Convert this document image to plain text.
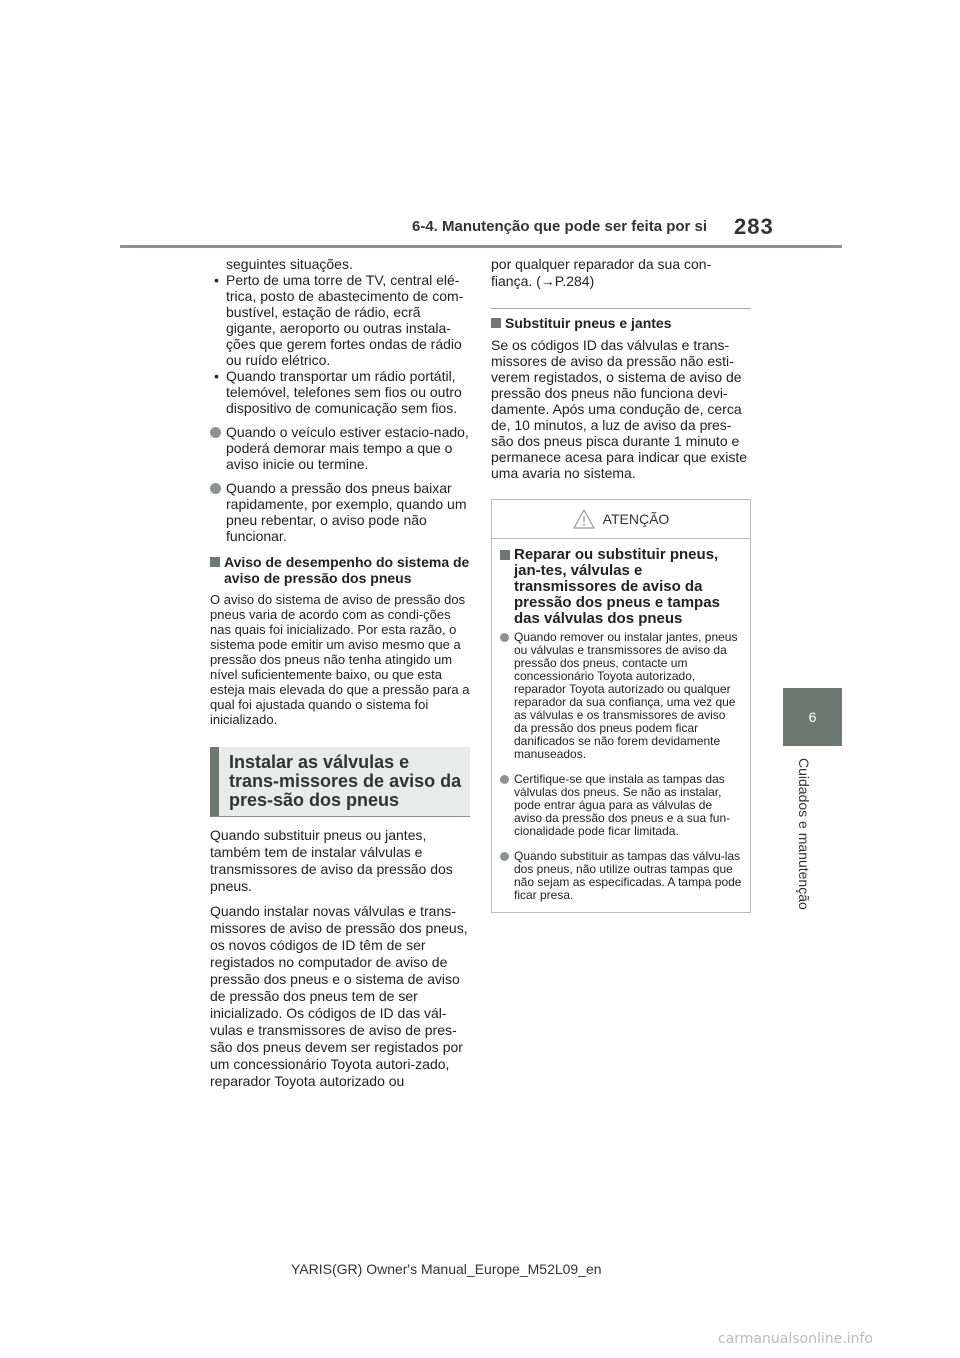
6-4. Manutenção que pode ser feita por si 283
6
Cuidados e manutenção
seguintes situações.
• Perto de uma torre de TV, central elé-trica, posto de abastecimento de com-bustível, estação de rádio, ecrã gigante, aeroporto ou outras instala-ções que gerem fortes ondas de rádio ou ruído elétrico.
• Quando transportar um rádio portátil, telemóvel, telefones sem fios ou outro dispositivo de comunicação sem fios.
Quando o veículo estiver estacio-nado, poderá demorar mais tempo a que o aviso inicie ou termine.
Quando a pressão dos pneus baixar rapidamente, por exemplo, quando um pneu rebentar, o aviso pode não funcionar.
Aviso de desempenho do sistema de aviso de pressão dos pneus
O aviso do sistema de aviso de pressão dos pneus varia de acordo com as condi-ções nas quais foi inicializado. Por esta razão, o sistema pode emitir um aviso mesmo que a pressão dos pneus não tenha atingido um nível suficientemente baixo, ou que esta esteja mais elevada do que a pressão para a qual foi ajustada quando o sistema foi inicializado.
Instalar as válvulas e trans-missores de aviso da pres-são dos pneus
Quando substituir pneus ou jantes, também tem de instalar válvulas e transmissores de aviso da pressão dos pneus.
Quando instalar novas válvulas e trans-missores de aviso de pressão dos pneus, os novos códigos de ID têm de ser registados no computador de aviso de pressão dos pneus e o sistema de aviso de pressão dos pneus tem de ser inicializado. Os códigos de ID das vál-vulas e transmissores de aviso de pres-são dos pneus devem ser registados por um concessionário Toyota autori-zado, reparador Toyota autorizado ou
por qualquer reparador da sua con-fiança. (→P.284)
Substituir pneus e jantes
Se os códigos ID das válvulas e trans-missores de aviso da pressão não esti-verem registados, o sistema de aviso de pressão dos pneus não funciona devi-damente. Após uma condução de, cerca de, 10 minutos, a luz de aviso da pres-são dos pneus pisca durante 1 minuto e permanece acesa para indicar que existe uma avaria no sistema.
ATENÇÃO
Reparar ou substituir pneus, jan-tes, válvulas e transmissores de aviso da pressão dos pneus e tampas das válvulas dos pneus
Quando remover ou instalar jantes, pneus ou válvulas e transmissores de aviso da pressão dos pneus, contacte um concessionário Toyota autorizado, reparador Toyota autorizado ou qualquer reparador da sua confiança, uma vez que as válvulas e os transmissores de aviso da pressão dos pneus podem ficar danificados se não forem devidamente manuseados.
Certifique-se que instala as tampas das válvulas dos pneus. Se não as instalar, pode entrar água para as válvulas de aviso da pressão dos pneus e a sua fun-cionalidade pode ficar limitada.
Quando substituir as tampas das válvu-las dos pneus, não utilize outras tampas que não sejam as especificadas. A tampa pode ficar presa.
YARIS(GR) Owner's Manual_Europe_M52L09_en
carmanualsonline.info
